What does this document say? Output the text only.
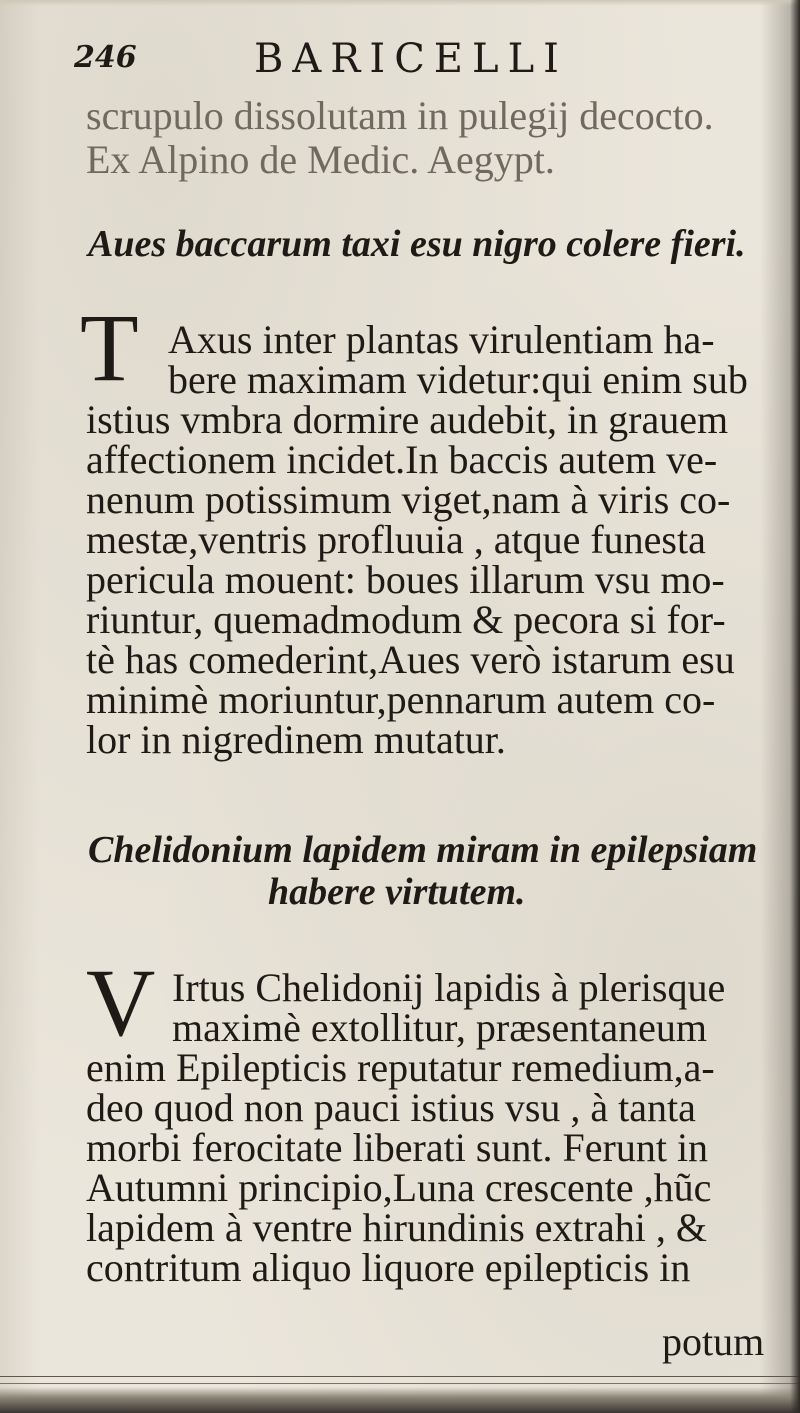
246	BARICELLI
scrupulo dissolutam in pulegij decocto.
Ex Alpino de Medic. Aegypt.
Aues baccarum taxi esu nigro colere fieri.
T Axus inter plantas virulentiam ha-
bere maximam videtur:qui enim sub
istius vmbra dormire audebit, in grauem
affectionem incidet.In baccis autem ve-
nenum potissimum viget,nam à viris co-
mestæ,ventris profluuia , atque funesta
pericula mouent: boues illarum vsu mo-
riuntur, quemadmodum & pecora si for-
tè has comederint,Aues verò istarum esu
minimè moriuntur,pennarum autem co-
lor in nigredinem mutatur.
Chelidonium lapidem miram in epilepsiam
habere virtutem.
V Irtus Chelidonij lapidis à plerisque
maximè extollitur, præsentaneum
enim Epilepticis reputatur remedium,a-
deo quod non pauci istius vsu , à tanta
morbi ferocitate liberati sunt. Ferunt in
Autumni principio,Luna crescente ,hũc
lapidem à ventre hirundinis extrahi , &
contritum aliquo liquore epilepticis in
potum
